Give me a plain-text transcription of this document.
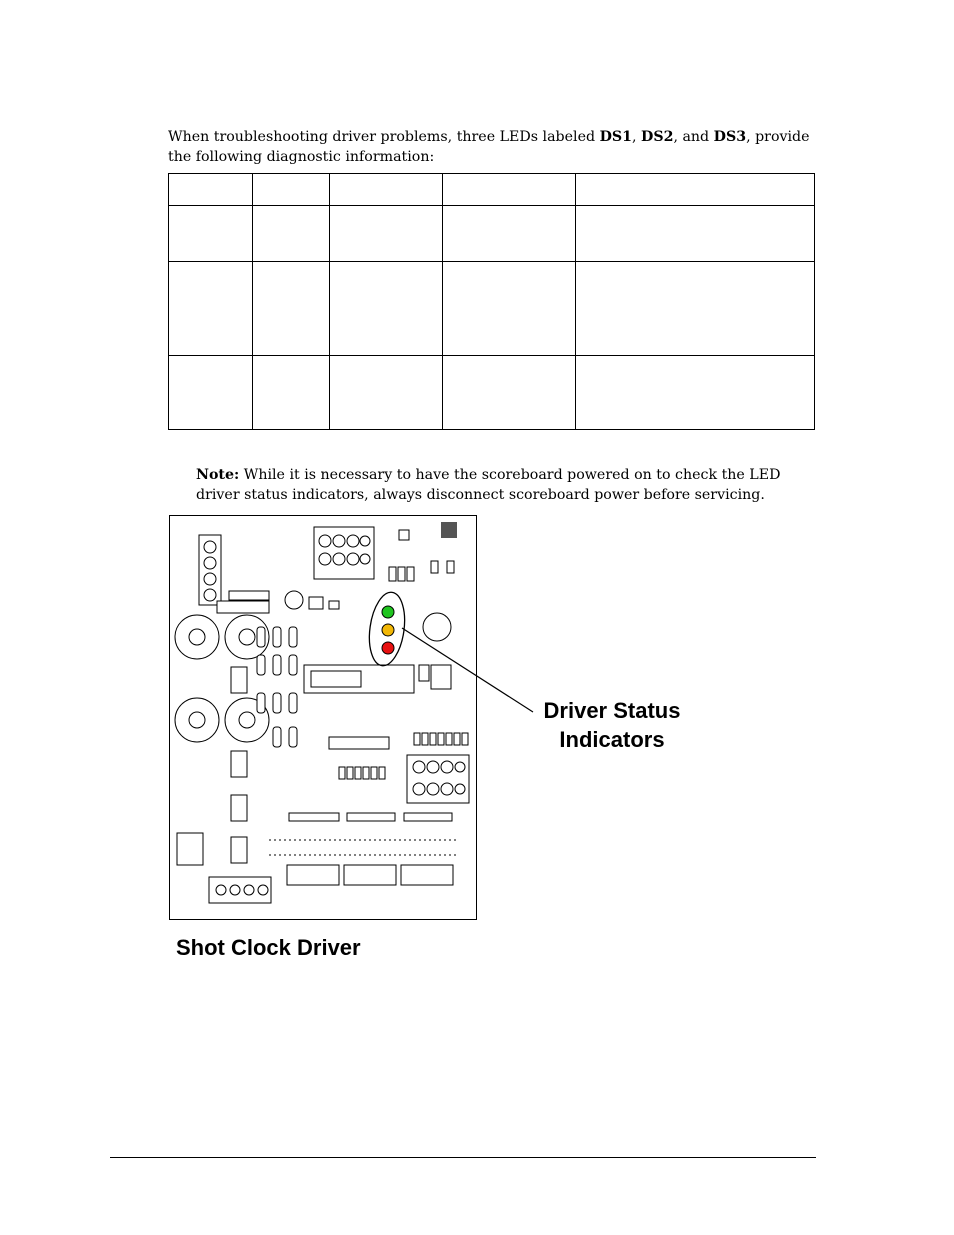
When troubleshooting driver problems, three LEDs labeled DS1, DS2, and DS3, provide the following diagnostic information:

Note: While it is necessary to have the scoreboard powered on to check the LED driver status indicators, always disconnect scoreboard power before servicing.

Driver Status
Indicators
Shot Clock Driver
